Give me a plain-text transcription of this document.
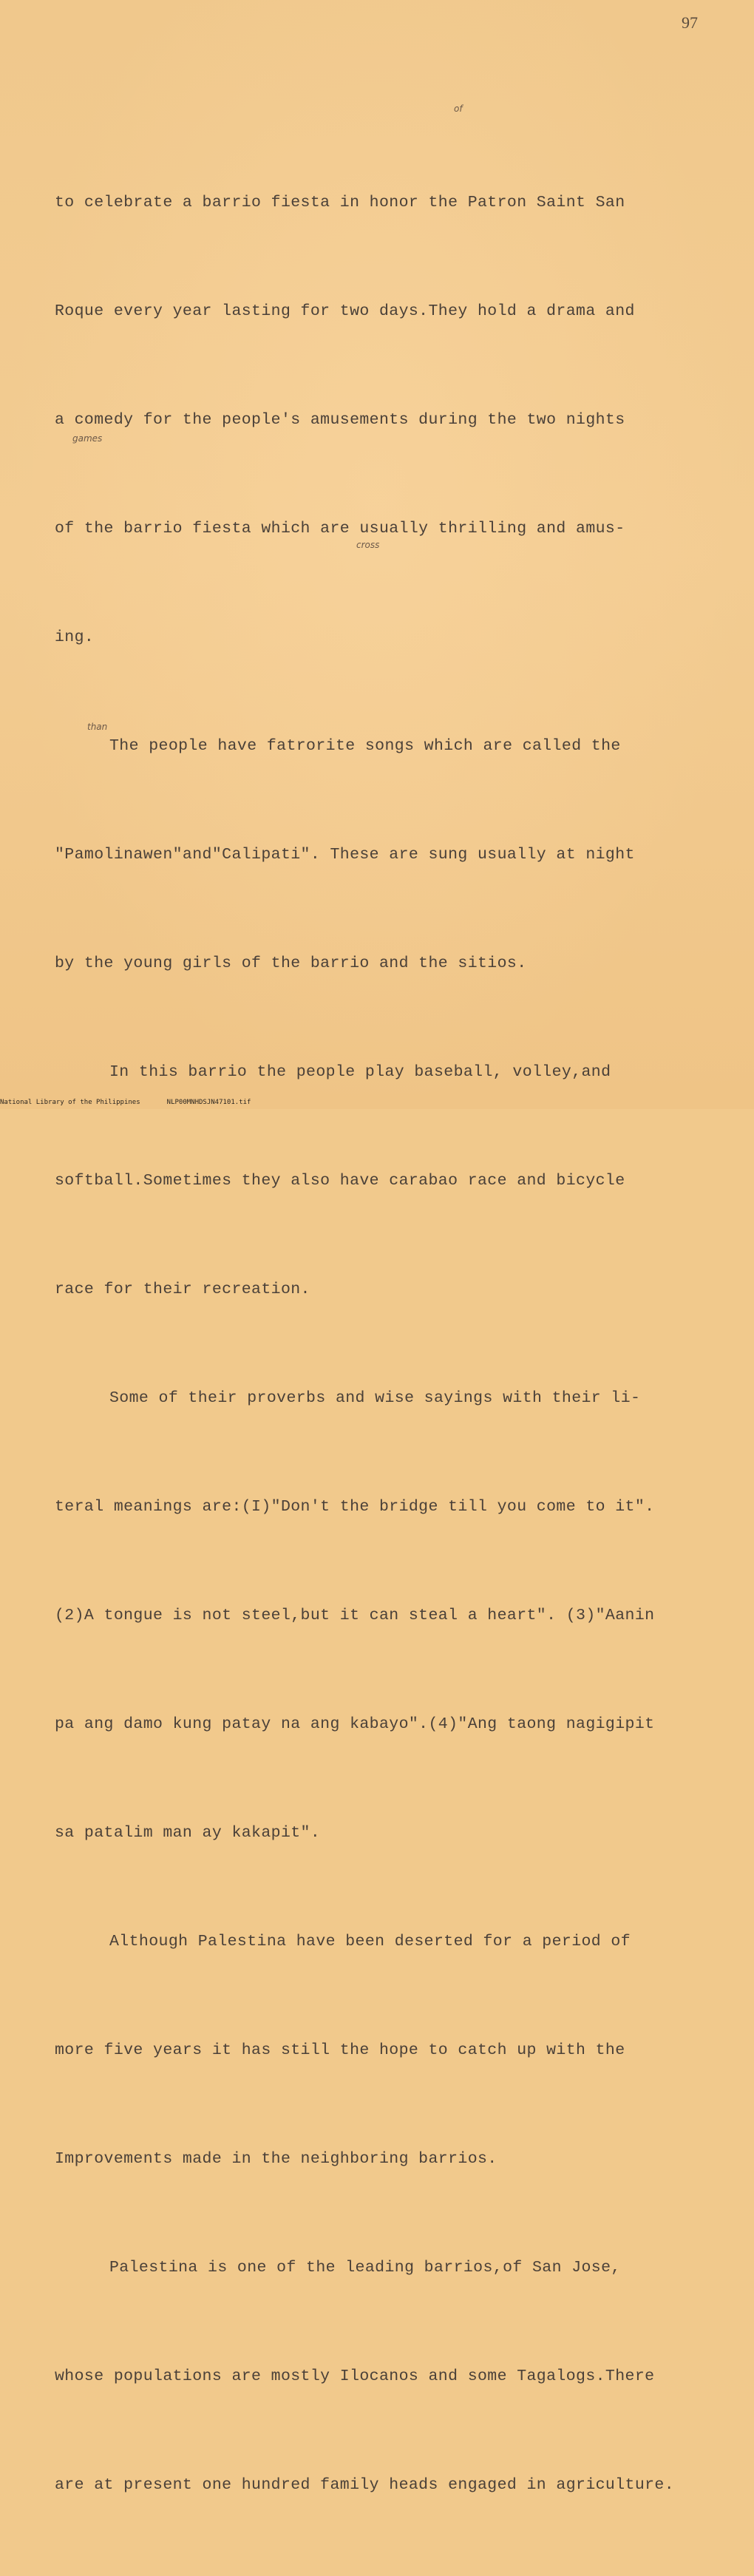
97

to celebrate a barrio fiesta in honor the Patron Saint San

Roque every year lasting for two days.They hold a drama and

a comedy for the people's amusements during the two nights

of the barrio fiesta which are usually thrilling and amus-

ing.

The people have fatrorite songs which are called the

"Pamolinawen"and"Calipati". These are sung usually at night

by the young girls of the barrio and the sitios.

In this barrio the people play baseball, volley,and

softball.Sometimes they also have carabao race and bicycle

race for their recreation.

Some of their proverbs and wise sayings with their li-

teral meanings are:(I)"Don't the bridge till you come to it".

(2)A tongue is not steel,but it can steal a heart". (3)"Aanin

pa ang damo kung patay na ang kabayo".(4)"Ang taong nagigipit

sa patalim man ay kakapit".

Although Palestina have been deserted for a period of

more five years it has still the hope to catch up with the

Improvements made in the neighboring barrios.

Palestina is one of the leading barrios,of San Jose,

whose populations are mostly Ilocanos and some Tagalogs.There

are at present one hundred family heads engaged in agriculture.

of
games
cross
than
National Library of the Philippines	NLP00MNHDSJN47101.tif
